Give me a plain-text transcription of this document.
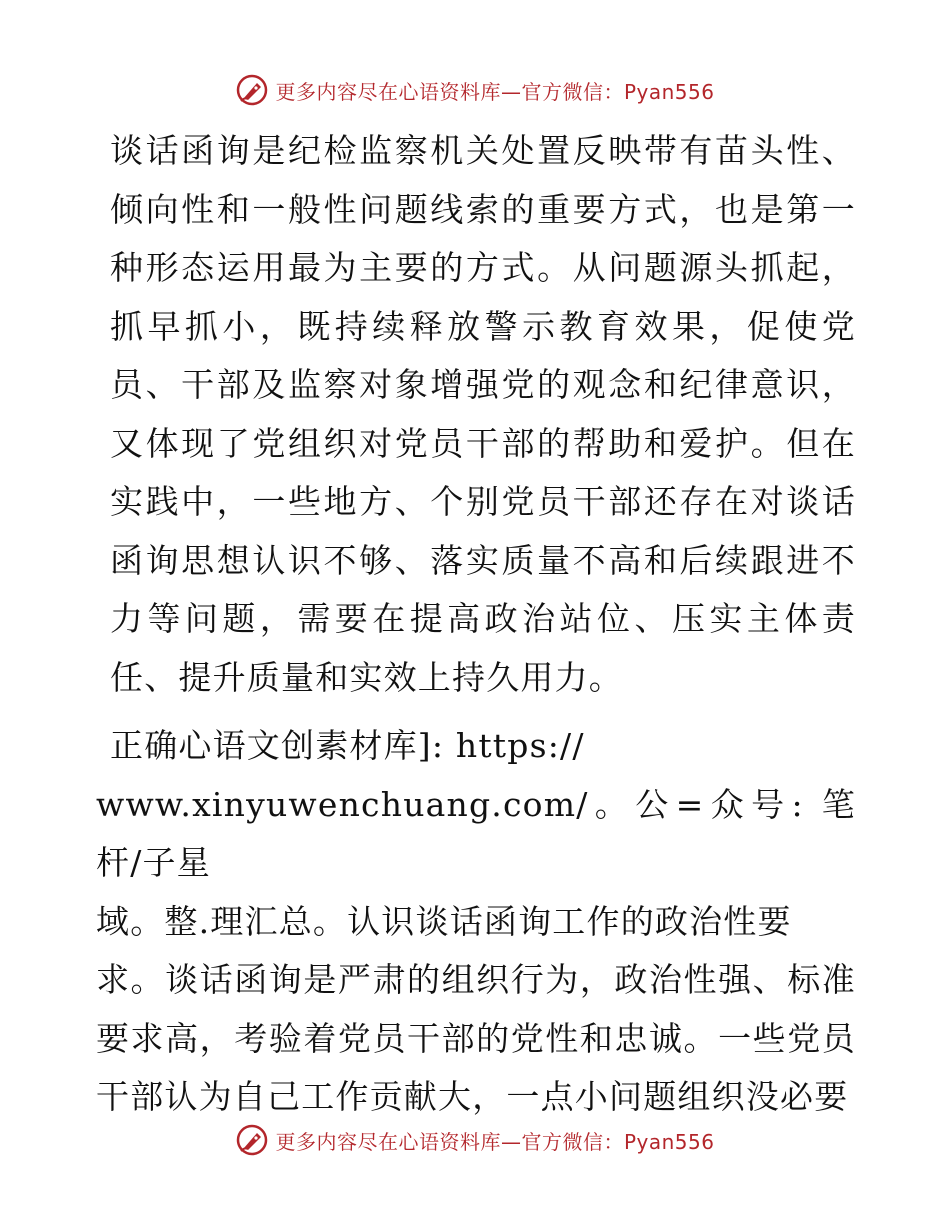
更多内容尽在心语资料库—官方微信：Pyan556

谈话函询是纪检监察机关处置反映带有苗头性、倾向性和一般性问题线索的重要方式，也是第一种形态运用最为主要的方式。从问题源头抓起，抓早抓小，既持续释放警示教育效果，促使党员、干部及监察对象增强党的观念和纪律意识，又体现了党组织对党员干部的帮助和爱护。但在实践中，一些地方、个别党员干部还存在对谈话函询思想认识不够、落实质量不高和后续跟进不力等问题，需要在提高政治站位、压实主体责任、提升质量和实效上持久用力。

正确心语文创素材库]: https://
www.xinyuwenchuang.com/。公=众号: 笔杆/子星
域。整.理汇总。认识谈话函询工作的政治性要
求。谈话函询是严肃的组织行为，政治性强、标准要求高，考验着党员干部的党性和忠诚。一些党员干部认为自己工作贡献大，一点小问题组织没必要

更多内容尽在心语资料库—官方微信：Pyan556
